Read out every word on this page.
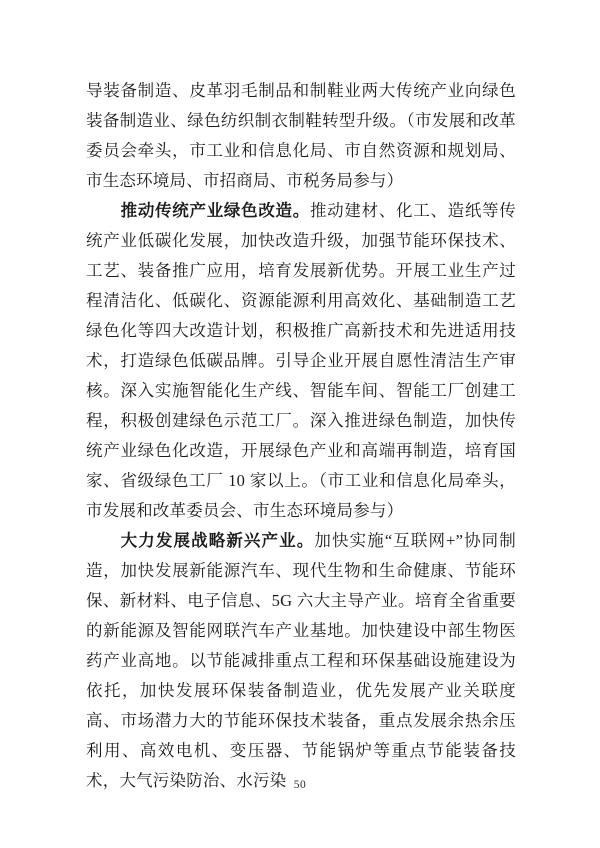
导装备制造、皮革羽毛制品和制鞋业两大传统产业向绿色装备制造业、绿色纺织制衣制鞋转型升级。（市发展和改革委员会牵头，市工业和信息化局、市自然资源和规划局、市生态环境局、市招商局、市税务局参与）

推动传统产业绿色改造。推动建材、化工、造纸等传统产业低碳化发展，加快改造升级，加强节能环保技术、工艺、装备推广应用，培育发展新优势。开展工业生产过程清洁化、低碳化、资源能源利用高效化、基础制造工艺绿色化等四大改造计划，积极推广高新技术和先进适用技术，打造绿色低碳品牌。引导企业开展自愿性清洁生产审核。深入实施智能化生产线、智能车间、智能工厂创建工程，积极创建绿色示范工厂。深入推进绿色制造，加快传统产业绿色化改造，开展绿色产业和高端再制造，培育国家、省级绿色工厂 10 家以上。（市工业和信息化局牵头，市发展和改革委员会、市生态环境局参与）

大力发展战略新兴产业。加快实施“互联网+”协同制造，加快发展新能源汽车、现代生物和生命健康、节能环保、新材料、电子信息、5G 六大主导产业。培育全省重要的新能源及智能网联汽车产业基地。加快建设中部生物医药产业高地。以节能减排重点工程和环保基础设施建设为依托，加快发展环保装备制造业，优先发展产业关联度高、市场潜力大的节能环保技术装备，重点发展余热余压利用、高效电机、变压器、节能锅炉等重点节能装备技术，大气污染防治、水污染 50
